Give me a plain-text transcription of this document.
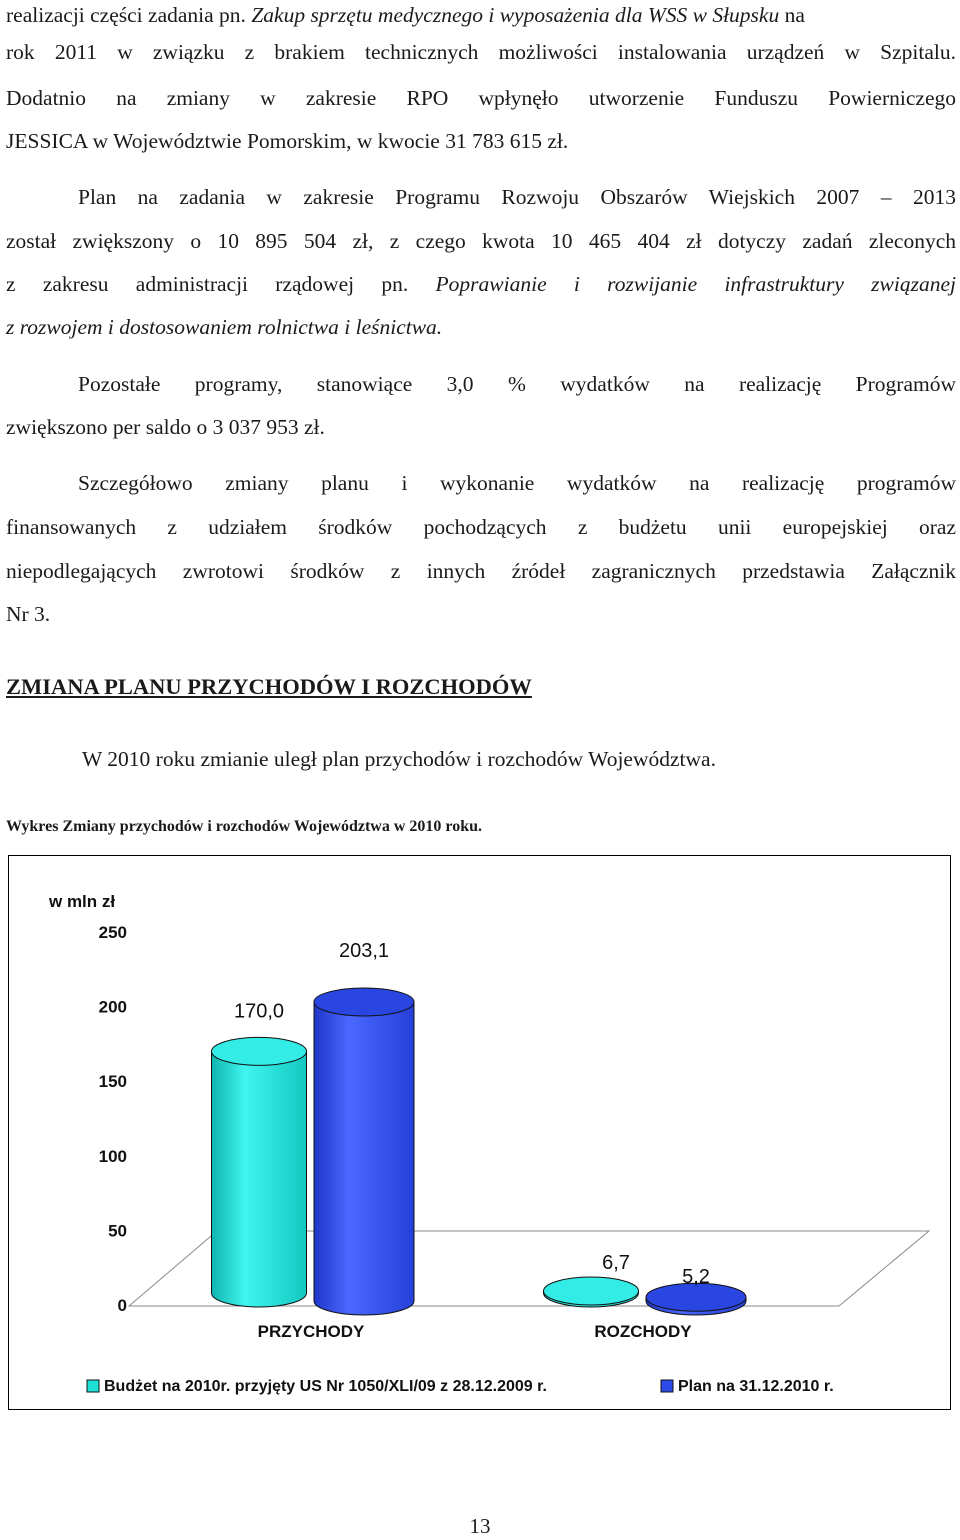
realizacji części zadania pn. Zakup sprzętu medycznego i wyposażenia dla WSS w Słupsku na
rok 2011 w związku z brakiem technicznych możliwości instalowania urządzeń w Szpitalu.
Dodatnio na zmiany w zakresie RPO wpłynęło utworzenie Funduszu Powierniczego
JESSICA w Województwie Pomorskim, w kwocie 31 783 615 zł.
Plan na zadania w zakresie Programu Rozwoju Obszarów Wiejskich 2007 – 2013
został zwiększony o 10 895 504 zł, z czego kwota 10 465 404 zł dotyczy zadań zleconych
z zakresu administracji rządowej pn. Poprawianie i rozwijanie infrastruktury związanej
z rozwojem i dostosowaniem rolnictwa i leśnictwa.
Pozostałe programy, stanowiące 3,0 % wydatków na realizację Programów
zwiększono per saldo o 3 037 953 zł.
Szczegółowo zmiany planu i wykonanie wydatków na realizację programów
finansowanych z udziałem środków pochodzących z budżetu unii europejskiej oraz
niepodlegających zwrotowi środków z innych źródeł zagranicznych przedstawia Załącznik
Nr 3.
ZMIANA PLANU PRZYCHODÓW I ROZCHODÓW
W 2010 roku zmianie uległ plan przychodów i rozchodów Województwa.
Wykres Zmiany przychodów i rozchodów Województwa w 2010 roku.
w mln zł
0
50
100
150
200
250
170,0
203,1
PRZYCHODY
6,7
5,2
ROZCHODY
Budżet na 2010r. przyjęty US Nr 1050/XLI/09 z 28.12.2009 r.	Plan na 31.12.2010 r.
13
